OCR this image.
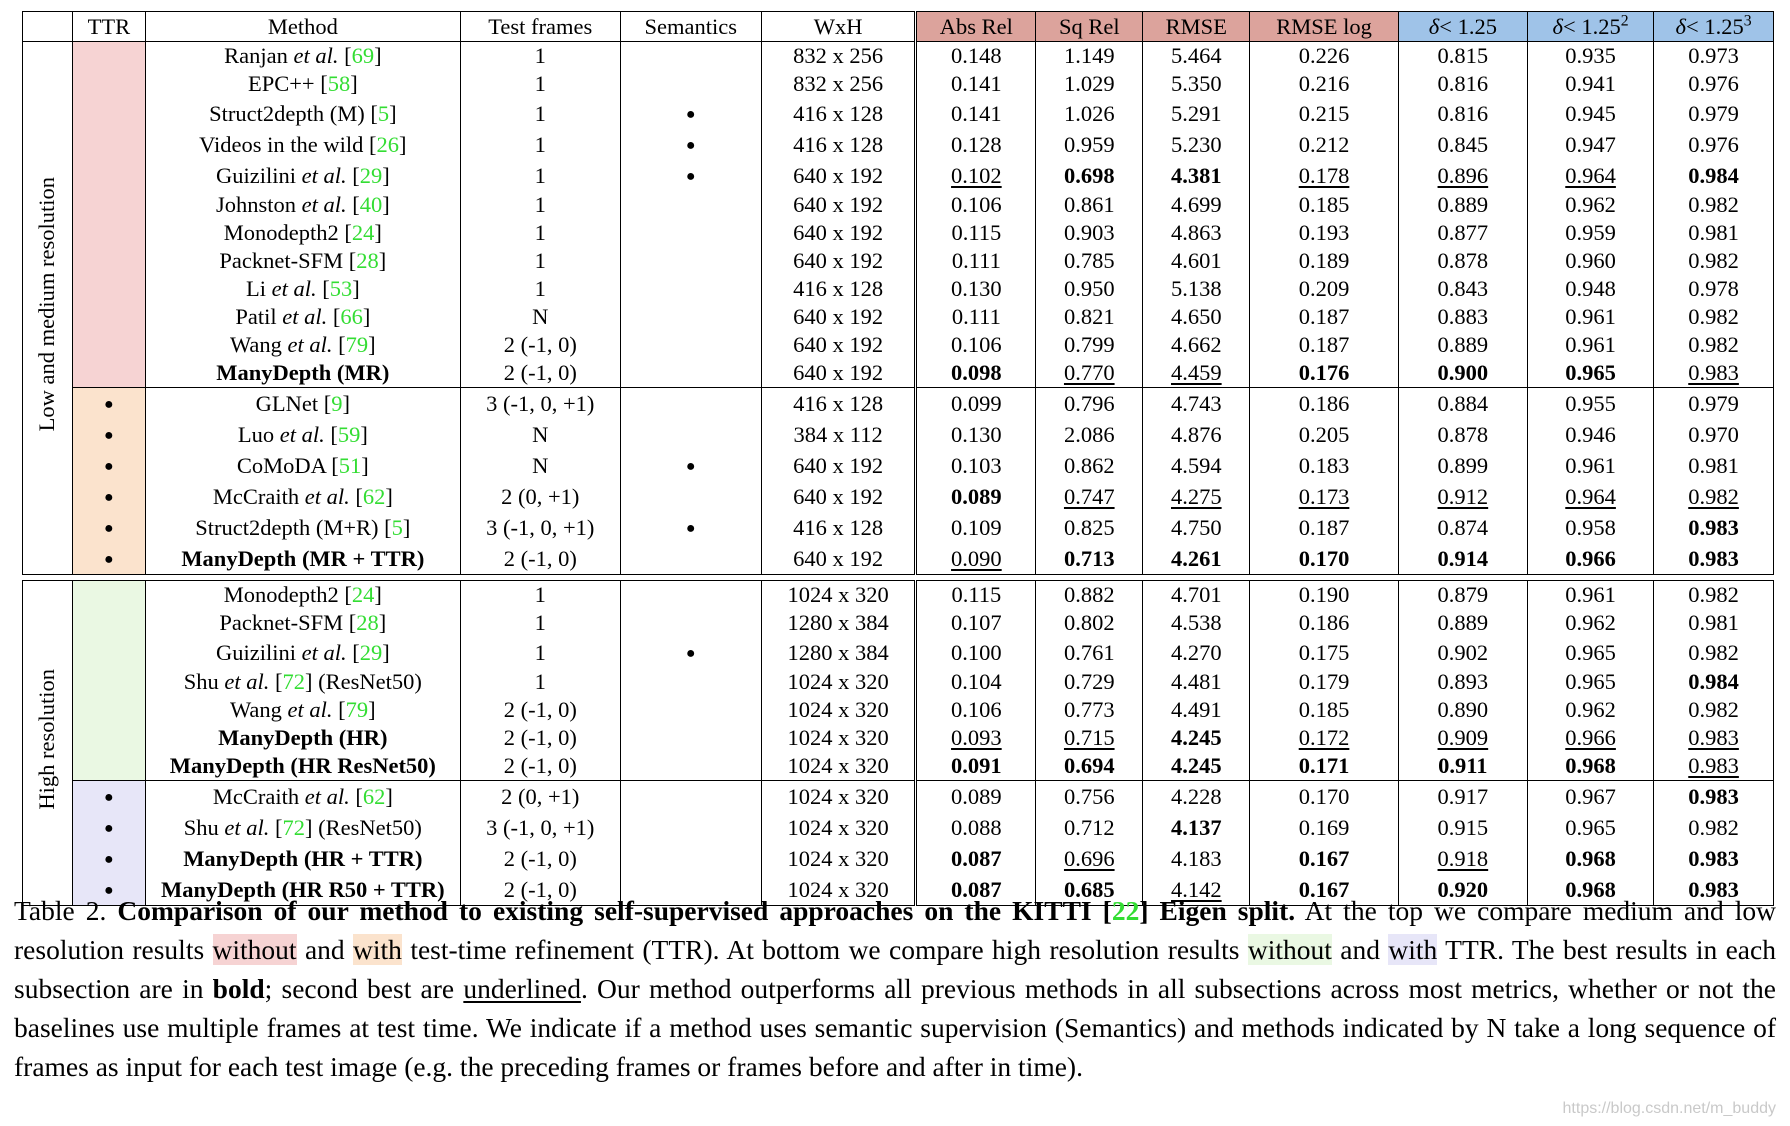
	TTR	Method	Test frames	Semantics	WxH	Abs Rel	Sq Rel	RMSE	RMSE log	δ< 1.25	$\delta< 1.25^2$	$\delta< 1.25^3$
Low and medium resolution		Ranjan et al. [69]	1		832 x 256	0.148	1.149	5.464	0.226	0.815	0.935	0.973
		EPC++ [58]	1		832 x 256	0.141	1.029	5.350	0.216	0.816	0.941	0.976
		Struct2depth (M) [5]	1	●	416 x 128	0.141	1.026	5.291	0.215	0.816	0.945	0.979
		Videos in the wild [26]	1	●	416 x 128	0.128	0.959	5.230	0.212	0.845	0.947	0.976
		Guizilini et al. [29]	1	●	640 x 192	0.102	0.698	4.381	0.178	0.896	0.964	0.984
		Johnston et al. [40]	1		640 x 192	0.106	0.861	4.699	0.185	0.889	0.962	0.982
		Monodepth2 [24]	1		640 x 192	0.115	0.903	4.863	0.193	0.877	0.959	0.981
		Packnet-SFM [28]	1		640 x 192	0.111	0.785	4.601	0.189	0.878	0.960	0.982
		Li et al. [53]	1		416 x 128	0.130	0.950	5.138	0.209	0.843	0.948	0.978
		Patil et al. [66]	N		640 x 192	0.111	0.821	4.650	0.187	0.883	0.961	0.982
		Wang et al. [79]	2 (-1, 0)		640 x 192	0.106	0.799	4.662	0.187	0.889	0.961	0.982
		ManyDepth (MR)	2 (-1, 0)		640 x 192	0.098	0.770	4.459	0.176	0.900	0.965	0.983
	●	GLNet [9]	3 (-1, 0, +1)		416 x 128	0.099	0.796	4.743	0.186	0.884	0.955	0.979
	●	Luo et al. [59]	N		384 x 112	0.130	2.086	4.876	0.205	0.878	0.946	0.970
	●	CoMoDA [51]	N	●	640 x 192	0.103	0.862	4.594	0.183	0.899	0.961	0.981
	●	McCraith et al. [62]	2 (0, +1)		640 x 192	0.089	0.747	4.275	0.173	0.912	0.964	0.982
	●	Struct2depth (M+R) [5]	3 (-1, 0, +1)	●	416 x 128	0.109	0.825	4.750	0.187	0.874	0.958	0.983
	●	ManyDepth (MR + TTR)	2 (-1, 0)		640 x 192	0.090	0.713	4.261	0.170	0.914	0.966	0.983

High resolution		Monodepth2 [24]	1		1024 x 320	0.115	0.882	4.701	0.190	0.879	0.961	0.982
		Packnet-SFM [28]	1		1280 x 384	0.107	0.802	4.538	0.186	0.889	0.962	0.981
		Guizilini et al. [29]	1	●	1280 x 384	0.100	0.761	4.270	0.175	0.902	0.965	0.982
		Shu et al. [72] (ResNet50)	1		1024 x 320	0.104	0.729	4.481	0.179	0.893	0.965	0.984
		Wang et al. [79]	2 (-1, 0)		1024 x 320	0.106	0.773	4.491	0.185	0.890	0.962	0.982
		ManyDepth (HR)	2 (-1, 0)		1024 x 320	0.093	0.715	4.245	0.172	0.909	0.966	0.983
		ManyDepth (HR ResNet50)	2 (-1, 0)		1024 x 320	0.091	0.694	4.245	0.171	0.911	0.968	0.983
	●	McCraith et al. [62]	2 (0, +1)		1024 x 320	0.089	0.756	4.228	0.170	0.917	0.967	0.983
	●	Shu et al. [72] (ResNet50)	3 (-1, 0, +1)		1024 x 320	0.088	0.712	4.137	0.169	0.915	0.965	0.982
	●	ManyDepth (HR + TTR)	2 (-1, 0)		1024 x 320	0.087	0.696	4.183	0.167	0.918	0.968	0.983
	●	ManyDepth (HR R50 + TTR)	2 (-1, 0)		1024 x 320	0.087	0.685	4.142	0.167	0.920	0.968	0.983
Table 2. Comparison of our method to existing self-supervised approaches on the KITTI [22] Eigen split. At the top we compare medium and low resolution results without and with test-time refinement (TTR). At bottom we compare high resolution results without and with TTR. The best results in each subsection are in bold; second best are underlined. Our method outperforms all previous methods in all subsections across most metrics, whether or not the baselines use multiple frames at test time. We indicate if a method uses semantic supervision (Semantics) and methods indicated by N take a long sequence of frames as input for each test image (e.g. the preceding frames or frames before and after in time).
https://blog.csdn.net/m_buddy
